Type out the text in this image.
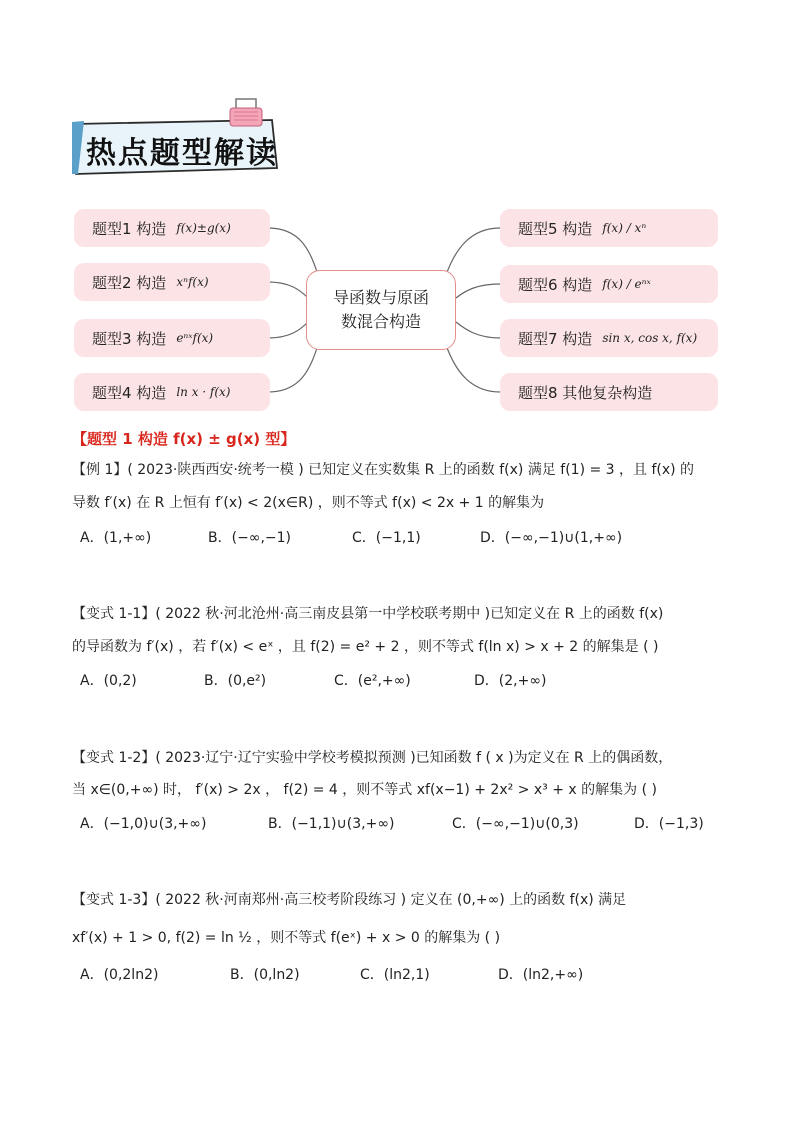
热点题型解读
题型1 构造 f(x)±g(x)
题型2 构造 xⁿf(x)
题型3 构造 eⁿˣf(x)
题型4 构造 ln x · f(x)
导函数与原函
数混合构造
题型5 构造 f(x) / xⁿ
题型6 构造 f(x) / eⁿˣ
题型7 构造 sin x, cos x, f(x)
题型8 其他复杂构造
【题型 1 构造 f(x) ± g(x) 型】
【例 1】( 2023·陕西西安·统考一模 ) 已知定义在实数集 R 上的函数 f(x) 满足 f(1) = 3 ，且 f(x) 的
导数 f′(x) 在 R 上恒有 f′(x) < 2(x∈R) ，则不等式 f(x) < 2x + 1 的解集为
A．(1,+∞)	B．(−∞,−1)	C．(−1,1)	D．(−∞,−1)∪(1,+∞)
【变式 1-1】( 2022 秋·河北沧州·高三南皮县第一中学校联考期中 )已知定义在 R 上的函数 f(x)
的导函数为 f′(x) ，若 f′(x) < eˣ ，且 f(2) = e² + 2 ，则不等式 f(ln x) > x + 2 的解集是 ( )
A．(0,2)	B．(0,e²)	C．(e²,+∞)	D．(2,+∞)
【变式 1-2】( 2023·辽宁·辽宁实验中学校考模拟预测 )已知函数 f ( x )为定义在 R 上的偶函数，
当 x∈(0,+∞) 时， f′(x) > 2x ， f(2) = 4 ，则不等式 xf(x−1) + 2x² > x³ + x 的解集为 ( )
A．(−1,0)∪(3,+∞)	B．(−1,1)∪(3,+∞)	C．(−∞,−1)∪(0,3)	D．(−1,3)
【变式 1-3】( 2022 秋·河南郑州·高三校考阶段练习 ) 定义在 (0,+∞) 上的函数 f(x) 满足
xf′(x) + 1 > 0, f(2) = ln ½ ，则不等式 f(eˣ) + x > 0 的解集为 ( )
A．(0,2ln2)	B．(0,ln2)	C．(ln2,1)	D．(ln2,+∞)
